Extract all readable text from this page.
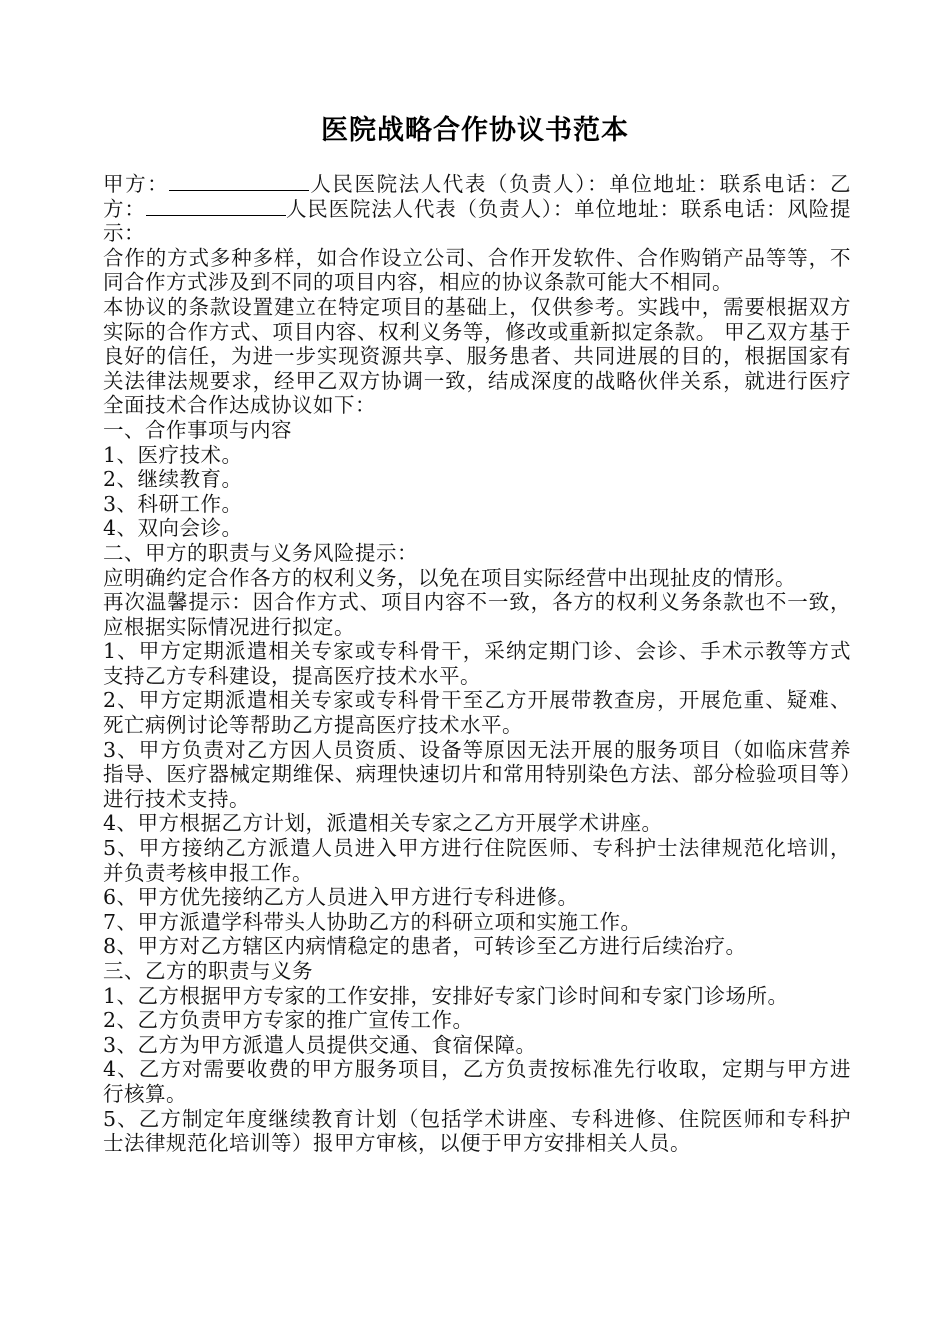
医院战略合作协议书范本

甲方：	人民医院法人代表（负责人）：单位地址：联系电话：乙方：	人民医院法人代表（负责人）：单位地址：联系电话：风险提示：

合作的方式多种多样，如合作设立公司、合作开发软件、合作购销产品等等，不同合作方式涉及到不同的项目内容，相应的协议条款可能大不相同。

本协议的条款设置建立在特定项目的基础上，仅供参考。实践中，需要根据双方实际的合作方式、项目内容、权利义务等，修改或重新拟定条款。 甲乙双方基于良好的信任，为进一步实现资源共享、服务患者、共同进展的目的，根据国家有关法律法规要求，经甲乙双方协调一致，结成深度的战略伙伴关系，就进行医疗全面技术合作达成协议如下：

一、合作事项与内容

1、医疗技术。

2、继续教育。

3、科研工作。

4、双向会诊。

二、甲方的职责与义务风险提示：

应明确约定合作各方的权利义务，以免在项目实际经营中出现扯皮的情形。

再次温馨提示：因合作方式、项目内容不一致，各方的权利义务条款也不一致，应根据实际情况进行拟定。

1、甲方定期派遣相关专家或专科骨干，采纳定期门诊、会诊、手术示教等方式支持乙方专科建设，提高医疗技术水平。

2、甲方定期派遣相关专家或专科骨干至乙方开展带教查房，开展危重、疑难、死亡病例讨论等帮助乙方提高医疗技术水平。

3、甲方负责对乙方因人员资质、设备等原因无法开展的服务项目（如临床营养指导、医疗器械定期维保、病理快速切片和常用特别染色方法、部分检验项目等）进行技术支持。

4、甲方根据乙方计划，派遣相关专家之乙方开展学术讲座。

5、甲方接纳乙方派遣人员进入甲方进行住院医师、专科护士法律规范化培训，并负责考核申报工作。

6、甲方优先接纳乙方人员进入甲方进行专科进修。

7、甲方派遣学科带头人协助乙方的科研立项和实施工作。

8、甲方对乙方辖区内病情稳定的患者，可转诊至乙方进行后续治疗。

三、乙方的职责与义务

1、乙方根据甲方专家的工作安排，安排好专家门诊时间和专家门诊场所。

2、乙方负责甲方专家的推广宣传工作。

3、乙方为甲方派遣人员提供交通、食宿保障。

4、乙方对需要收费的甲方服务项目，乙方负责按标准先行收取，定期与甲方进行核算。

5、乙方制定年度继续教育计划（包括学术讲座、专科进修、住院医师和专科护士法律规范化培训等）报甲方审核，以便于甲方安排相关人员。
